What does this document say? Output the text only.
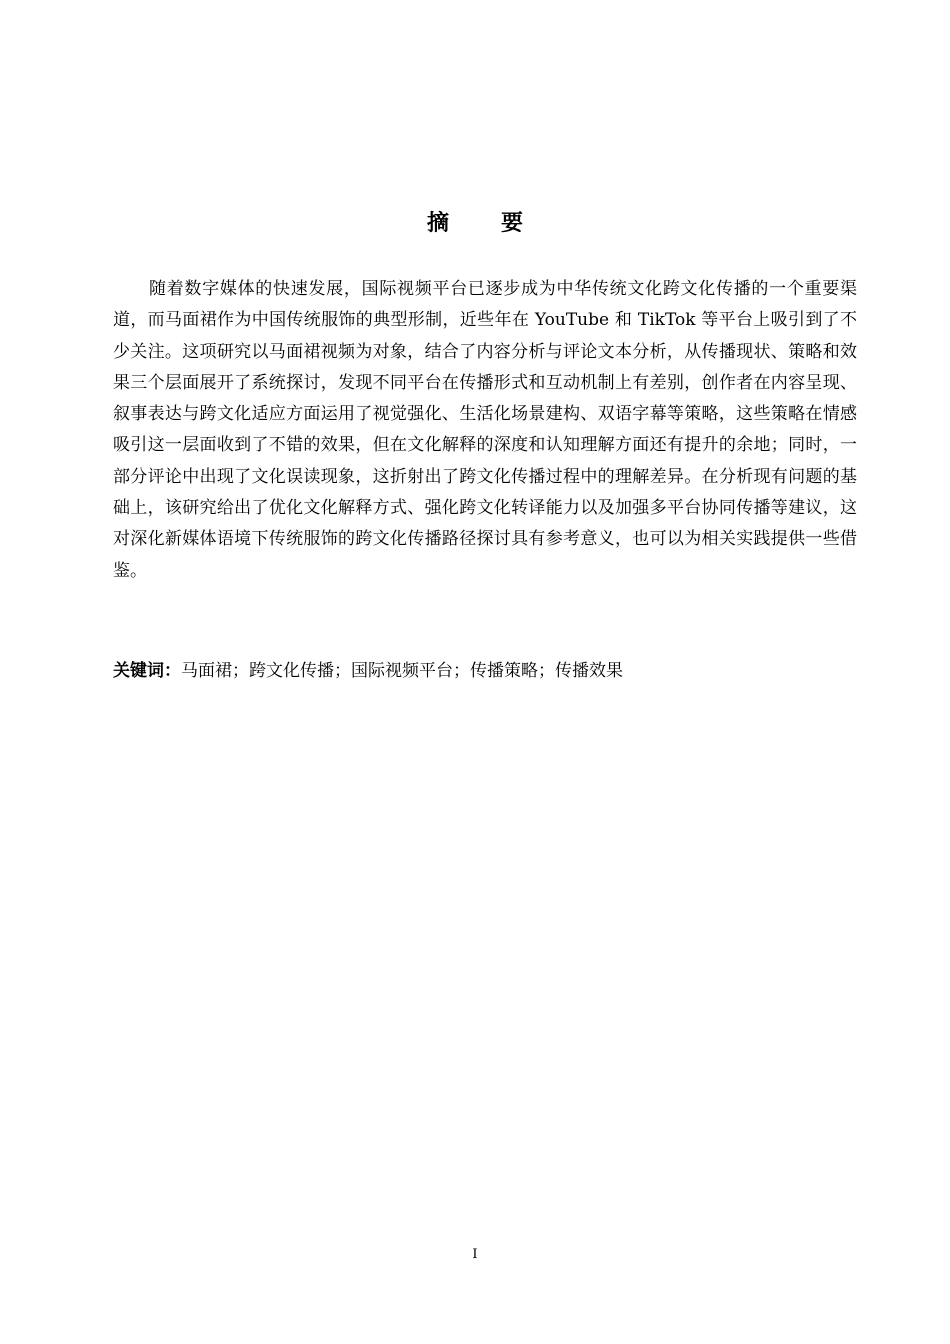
摘要

随着数字媒体的快速发展，国际视频平台已逐步成为中华传统文化跨文化传播的一个重要渠道，而马面裙作为中国传统服饰的典型形制，近些年在 YouTube 和 TikTok 等平台上吸引到了不少关注。这项研究以马面裙视频为对象，结合了内容分析与评论文本分析，从传播现状、策略和效果三个层面展开了系统探讨，发现不同平台在传播形式和互动机制上有差别，创作者在内容呈现、叙事表达与跨文化适应方面运用了视觉强化、生活化场景建构、双语字幕等策略，这些策略在情感吸引这一层面收到了不错的效果，但在文化解释的深度和认知理解方面还有提升的余地；同时，一部分评论中出现了文化误读现象，这折射出了跨文化传播过程中的理解差异。在分析现有问题的基础上，该研究给出了优化文化解释方式、强化跨文化转译能力以及加强多平台协同传播等建议，这对深化新媒体语境下传统服饰的跨文化传播路径探讨具有参考意义，也可以为相关实践提供一些借鉴。

关键词：马面裙；跨文化传播；国际视频平台；传播策略；传播效果

I
